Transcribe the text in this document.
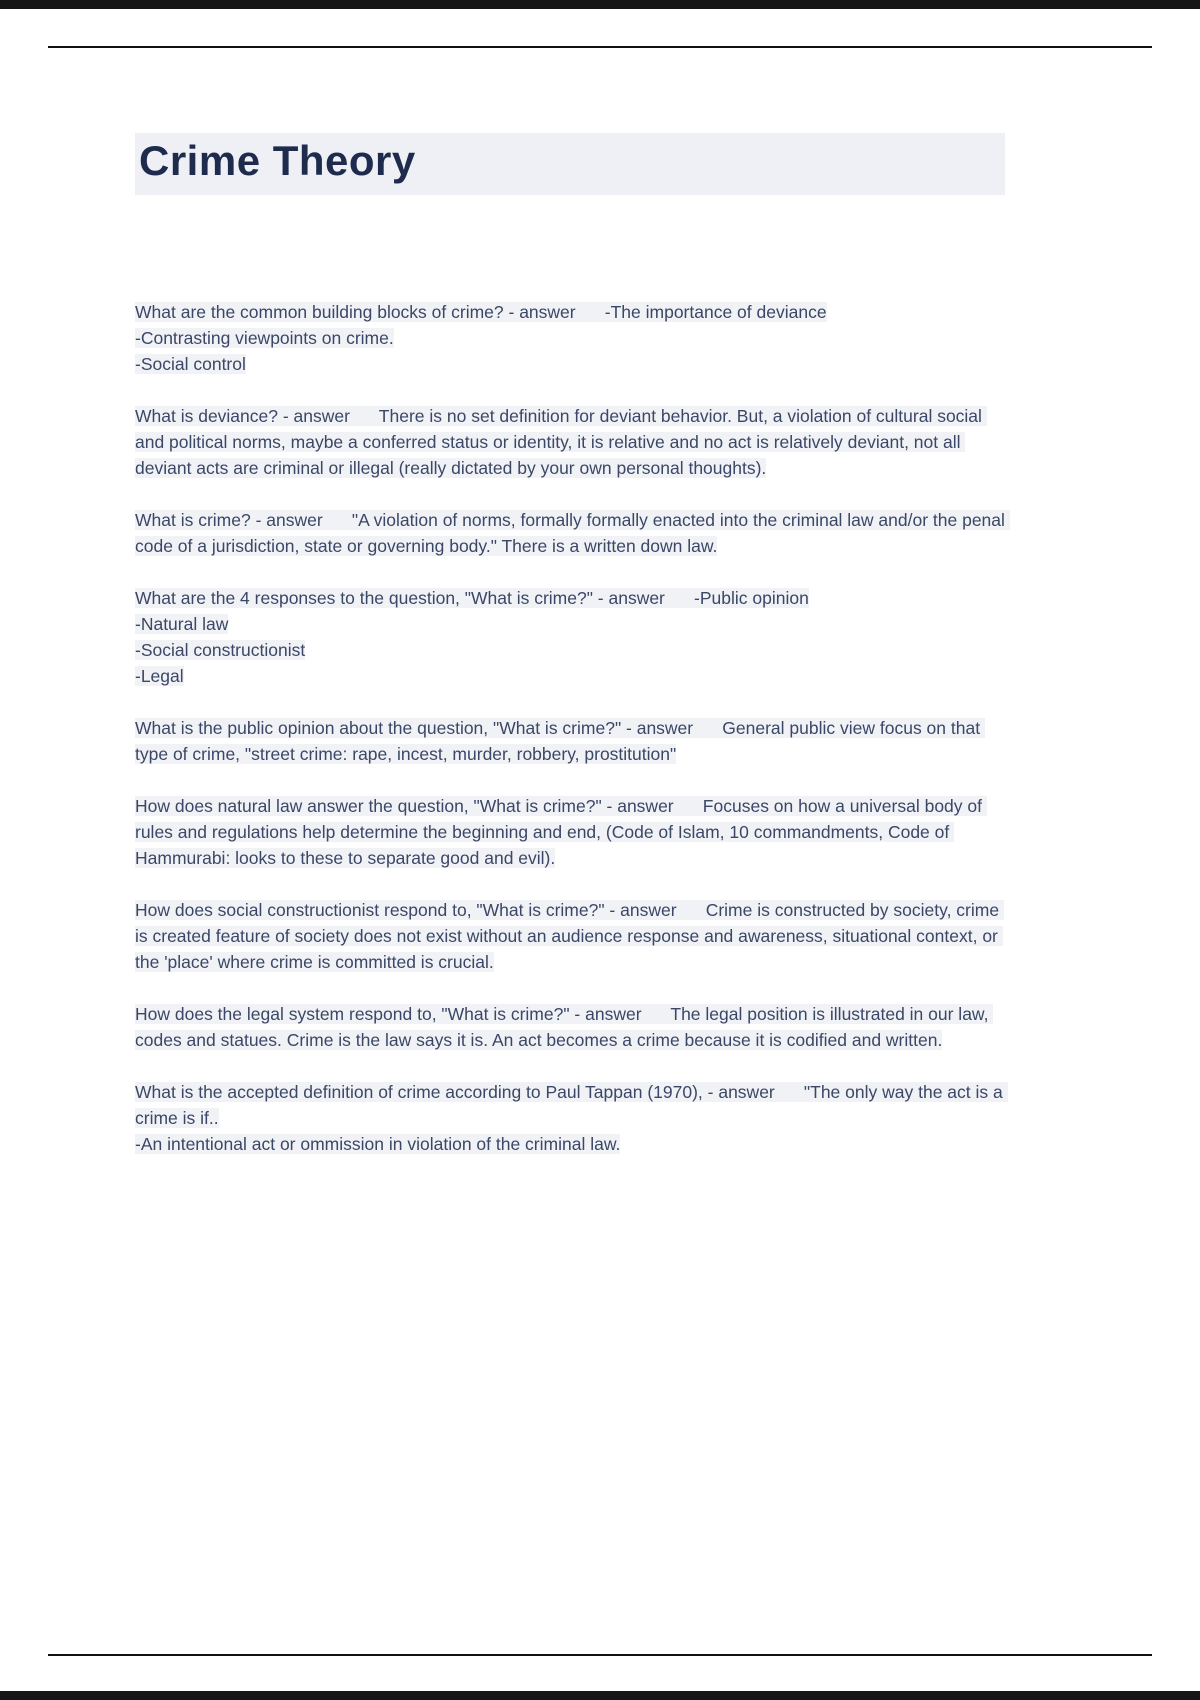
Crime Theory

What are the common building blocks of crime? - answer      -The importance of deviance
-Contrasting viewpoints on crime.
-Social control

What is deviance? - answer      There is no set definition for deviant behavior. But, a violation of cultural social and political norms, maybe a conferred status or identity, it is relative and no act is relatively deviant, not all deviant acts are criminal or illegal (really dictated by your own personal thoughts).

What is crime? - answer      "A violation of norms, formally formally enacted into the criminal law and/or the penal code of a jurisdiction, state or governing body." There is a written down law.

What are the 4 responses to the question, "What is crime?" - answer      -Public opinion
-Natural law
-Social constructionist
-Legal

What is the public opinion about the question, "What is crime?" - answer      General public view focus on that type of crime, "street crime: rape, incest, murder, robbery, prostitution"

How does natural law answer the question, "What is crime?" - answer      Focuses on how a universal body of rules and regulations help determine the beginning and end, (Code of Islam, 10 commandments, Code of Hammurabi: looks to these to separate good and evil).

How does social constructionist respond to, "What is crime?" - answer      Crime is constructed by society, crime is created feature of society does not exist without an audience response and awareness, situational context, or the 'place' where crime is committed is crucial.

How does the legal system respond to, "What is crime?" - answer      The legal position is illustrated in our law, codes and statues. Crime is the law says it is. An act becomes a crime because it is codified and written.

What is the accepted definition of crime according to Paul Tappan (1970), - answer      "The only way the act is a crime is if..
-An intentional act or ommission in violation of the criminal law.
